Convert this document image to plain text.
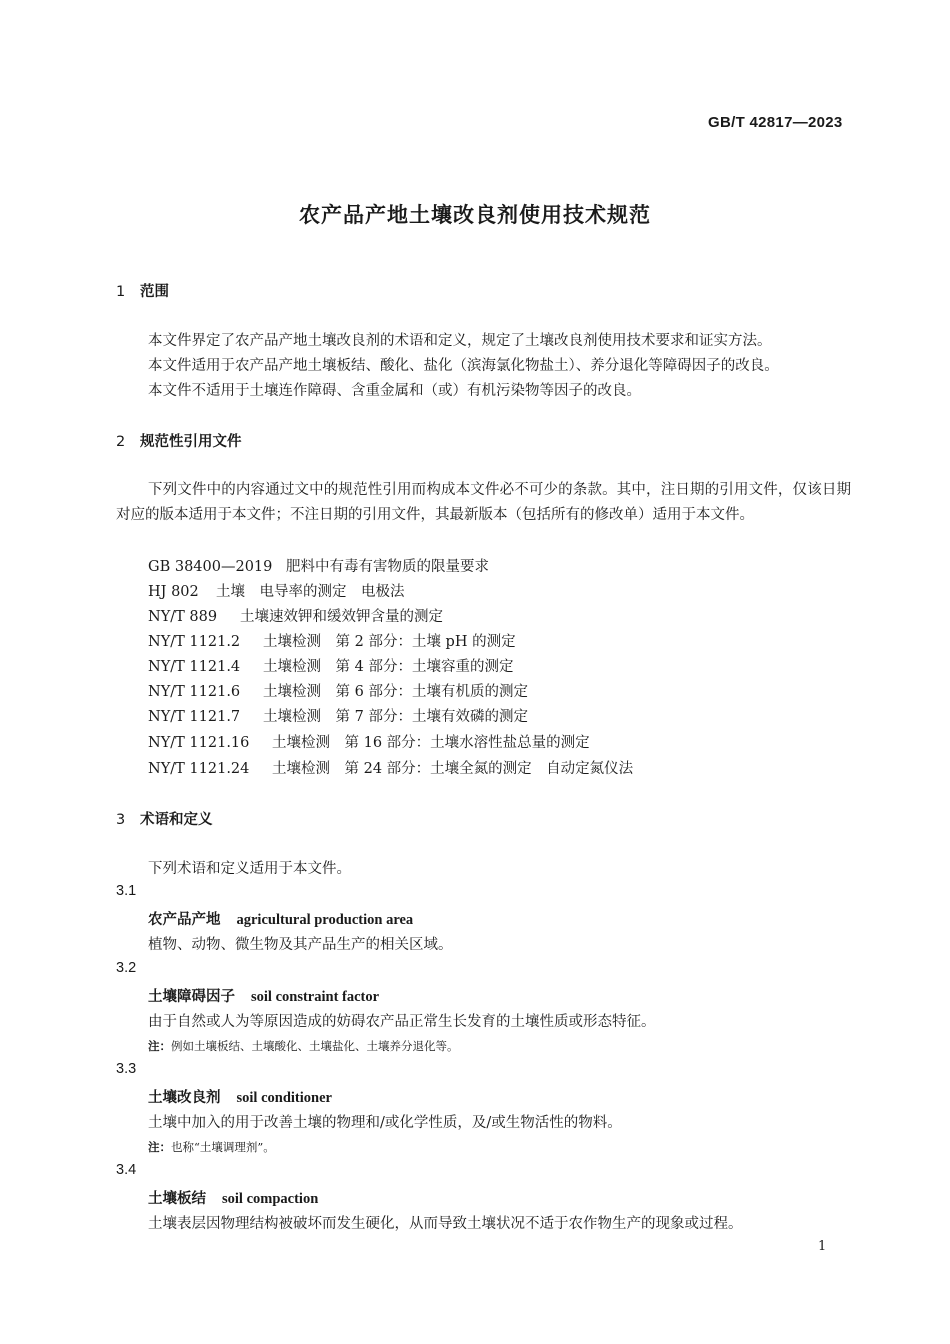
GB/T 42817—2023
农产品产地土壤改良剂使用技术规范
1 范围
本文件界定了农产品产地土壤改良剂的术语和定义，规定了土壤改良剂使用技术要求和证实方法。
本文件适用于农产品产地土壤板结、酸化、盐化（滨海氯化物盐土）、养分退化等障碍因子的改良。
本文件不适用于土壤连作障碍、含重金属和（或）有机污染物等因子的改良。
2 规范性引用文件
下列文件中的内容通过文中的规范性引用而构成本文件必不可少的条款。其中，注日期的引用文件，仅该日期对应的版本适用于本文件；不注日期的引用文件，其最新版本（包括所有的修改单）适用于本文件。
GB 38400—2019 肥料中有毒有害物质的限量要求
HJ 802 土壤　电导率的测定　电极法
NY/T 889 土壤速效钾和缓效钾含量的测定
NY/T 1121.2 土壤检测　第 2 部分：土壤 pH 的测定
NY/T 1121.4 土壤检测　第 4 部分：土壤容重的测定
NY/T 1121.6 土壤检测　第 6 部分：土壤有机质的测定
NY/T 1121.7 土壤检测　第 7 部分：土壤有效磷的测定
NY/T 1121.16 土壤检测　第 16 部分：土壤水溶性盐总量的测定
NY/T 1121.24 土壤检测　第 24 部分：土壤全氮的测定　自动定氮仪法
3 术语和定义
下列术语和定义适用于本文件。
3.1
农产品产地 agricultural production area
植物、动物、微生物及其产品生产的相关区域。
3.2
土壤障碍因子 soil constraint factor
由于自然或人为等原因造成的妨碍农产品正常生长发育的土壤性质或形态特征。
注：例如土壤板结、土壤酸化、土壤盐化、土壤养分退化等。
3.3
土壤改良剂 soil conditioner
土壤中加入的用于改善土壤的物理和/或化学性质，及/或生物活性的物料。
注：也称“土壤调理剂”。
3.4
土壤板结 soil compaction
土壤表层因物理结构被破坏而发生硬化，从而导致土壤状况不适于农作物生产的现象或过程。
1
